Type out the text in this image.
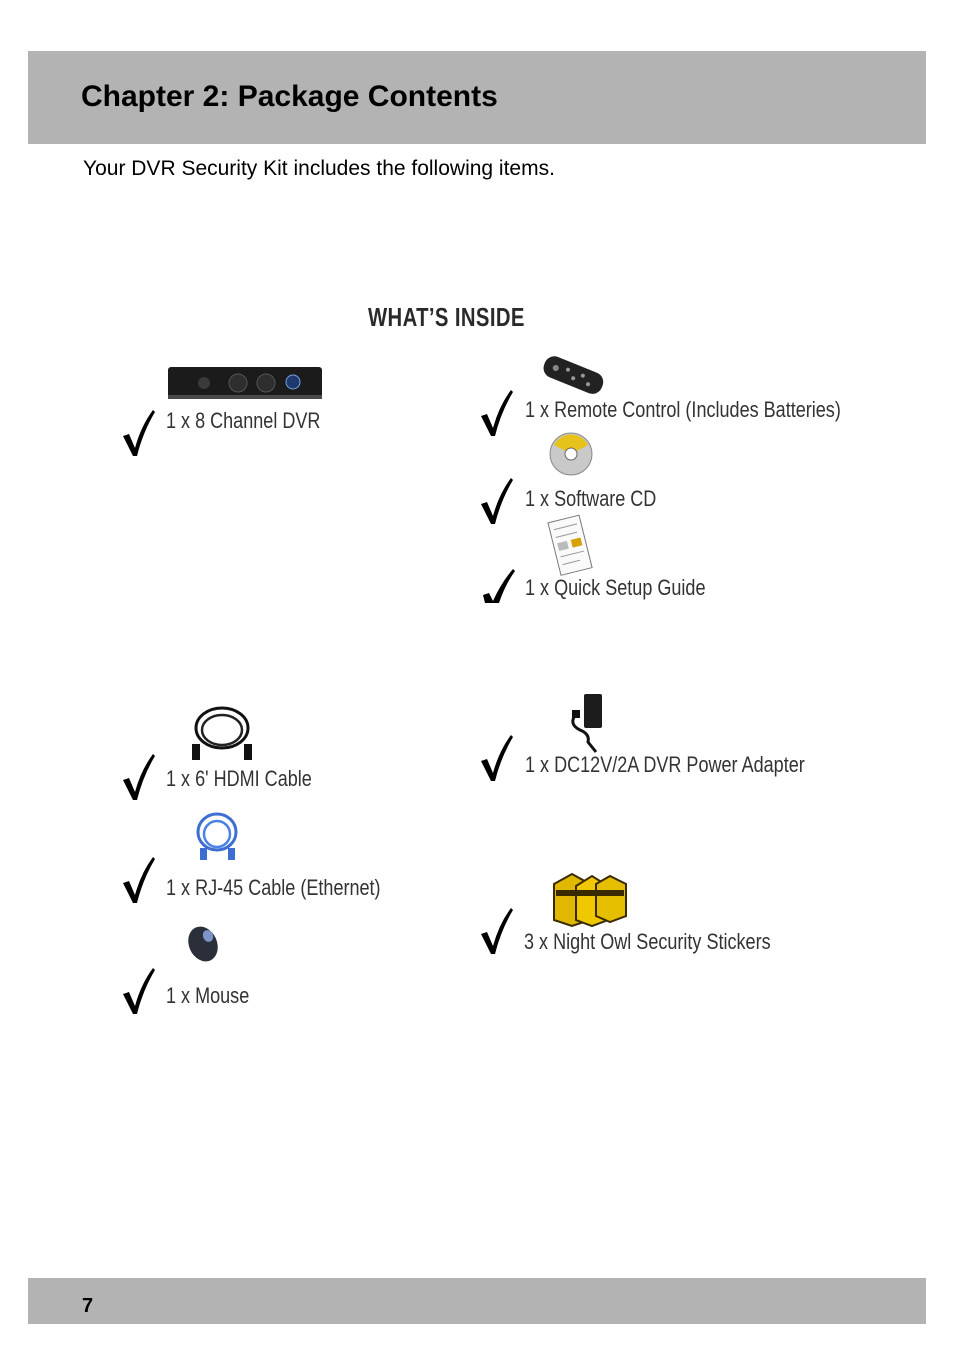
Chapter 2: Package Contents

Your DVR Security Kit includes the following items.

WHAT’S INSIDE

1 x 8 Channel DVR	1 x Remote Control (Includes Batteries)

1 x Software CD

1 x Quick Setup Guide

1 x 6' HDMI Cable

1 x DC12V/2A DVR Power Adapter

1 x RJ-45 Cable (Ethernet)

3 x Night Owl Security Stickers

1 x Mouse

7
